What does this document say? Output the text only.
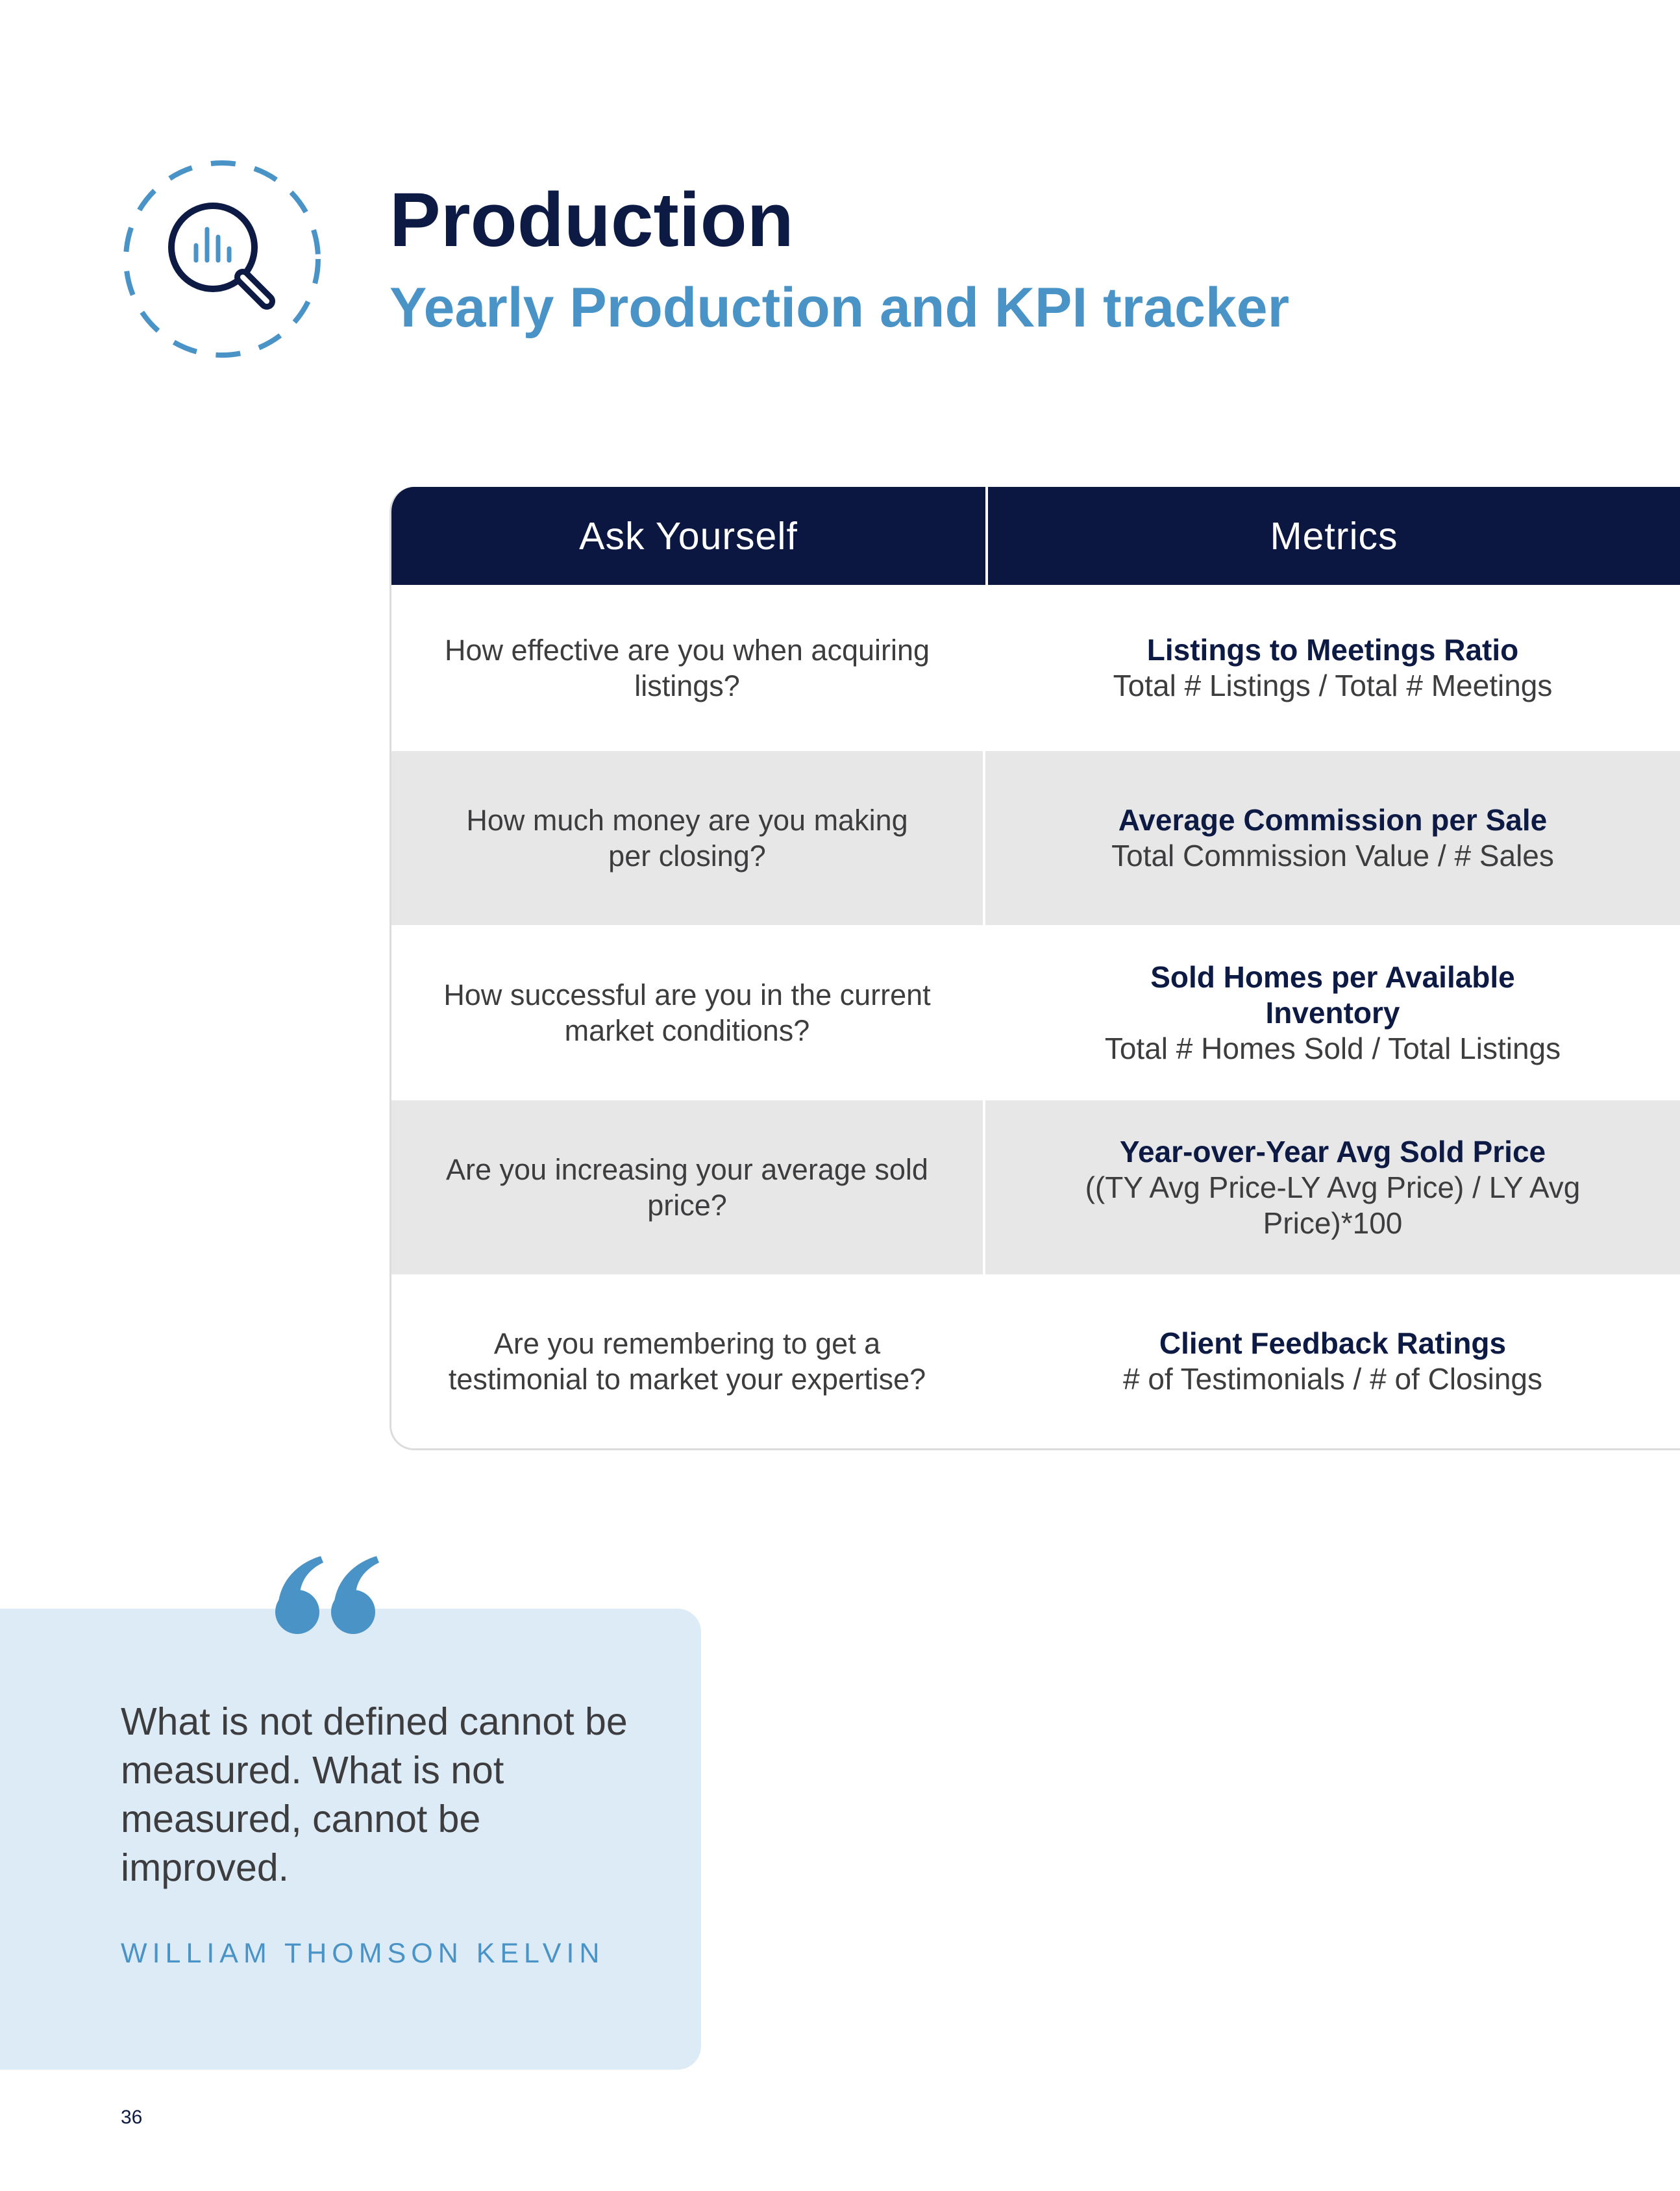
Production
Yearly Production and KPI tracker
Ask Yourself	Metrics
How effective are you when acquiring listings?
Listings to Meetings Ratio
Total # Listings / Total # Meetings
How much money are you making per closing?
Average Commission per Sale
Total Commission Value / # Sales
How successful are you in the current market conditions?
Sold Homes per Available Inventory
Total # Homes Sold / Total Listings
Are you increasing your average sold price?
Year-over-Year Avg Sold Price
((TY Avg Price-LY Avg Price) / LY Avg Price)*100
Are you remembering to get a testimonial to market your expertise?
Client Feedback Ratings
# of Testimonials / # of Closings

What is not defined cannot be measured. What is not measured, cannot be improved.

WILLIAM THOMSON KELVIN

36
